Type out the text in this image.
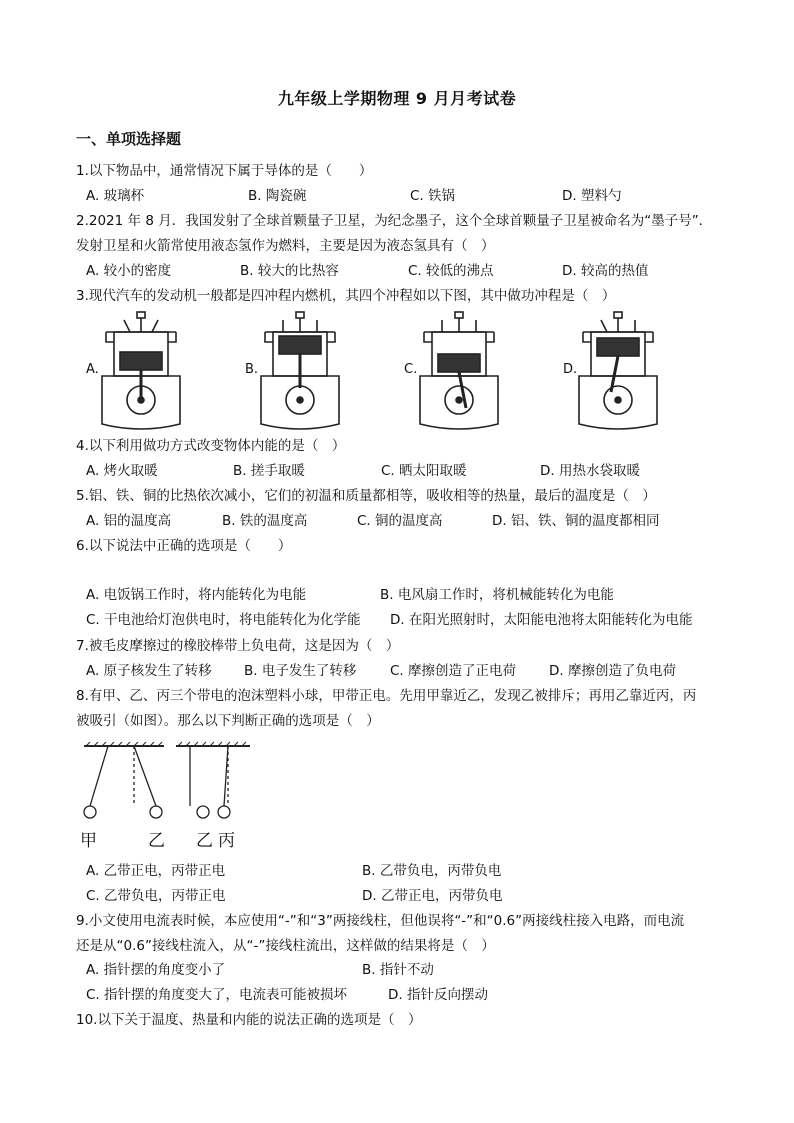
九年级上学期物理 9 月月考试卷
一、单项选择题
1.以下物品中，通常情况下属于导体的是（　　）
A. 玻璃杯	B. 陶瓷碗	C. 铁锅	D. 塑料勺
2.2021 年 8 月．我国发射了全球首颗量子卫星，为纪念墨子，这个全球首颗量子卫星被命名为“墨子号”．
发射卫星和火箭常使用液态氢作为燃料，主要是因为液态氢具有（　）
A. 较小的密度	B. 较大的比热容	C. 较低的沸点	D. 较高的热值
3.现代汽车的发动机一般都是四冲程内燃机，其四个冲程如以下图，其中做功冲程是（　）
A.	B.	C.	D.
4.以下利用做功方式改变物体内能的是（　）
A. 烤火取暖	B. 搓手取暖	C. 晒太阳取暖	D. 用热水袋取暖
5.铝、铁、铜的比热依次减小，它们的初温和质量都相等，吸收相等的热量，最后的温度是（　）
A. 铝的温度高	B. 铁的温度高	C. 铜的温度高	D. 铝、铁、铜的温度都相同
6.以下说法中正确的选项是（　　）
A. 电饭锅工作时，将内能转化为电能	B. 电风扇工作时，将机械能转化为电能
C. 干电池给灯泡供电时，将电能转化为化学能 D. 在阳光照射时，太阳能电池将太阳能转化为电能
7.被毛皮摩擦过的橡胶棒带上负电荷，这是因为（　）
A. 原子核发生了转移 B. 电子发生了转移 C. 摩擦创造了正电荷 D. 摩擦创造了负电荷
8.有甲、乙、丙三个带电的泡沫塑料小球，甲带正电。先用甲靠近乙，发现乙被排斥；再用乙靠近丙，丙
被吸引（如图）。那么以下判断正确的选项是（　）
甲	乙 乙 丙
A. 乙带正电，丙带正电	B. 乙带负电，丙带负电
C. 乙带负电，丙带正电	D. 乙带正电，丙带负电
9.小文使用电流表时候，本应使用“-”和“3”两接线柱，但他误将“-”和“0.6”两接线柱接入电路，而电流
还是从“0.6”接线柱流入，从“-”接线柱流出，这样做的结果将是（　）
A. 指针摆的角度变小了	B. 指针不动
C. 指针摆的角度变大了，电流表可能被损坏	D. 指针反向摆动
10.以下关于温度、热量和内能的说法正确的选项是（　）
